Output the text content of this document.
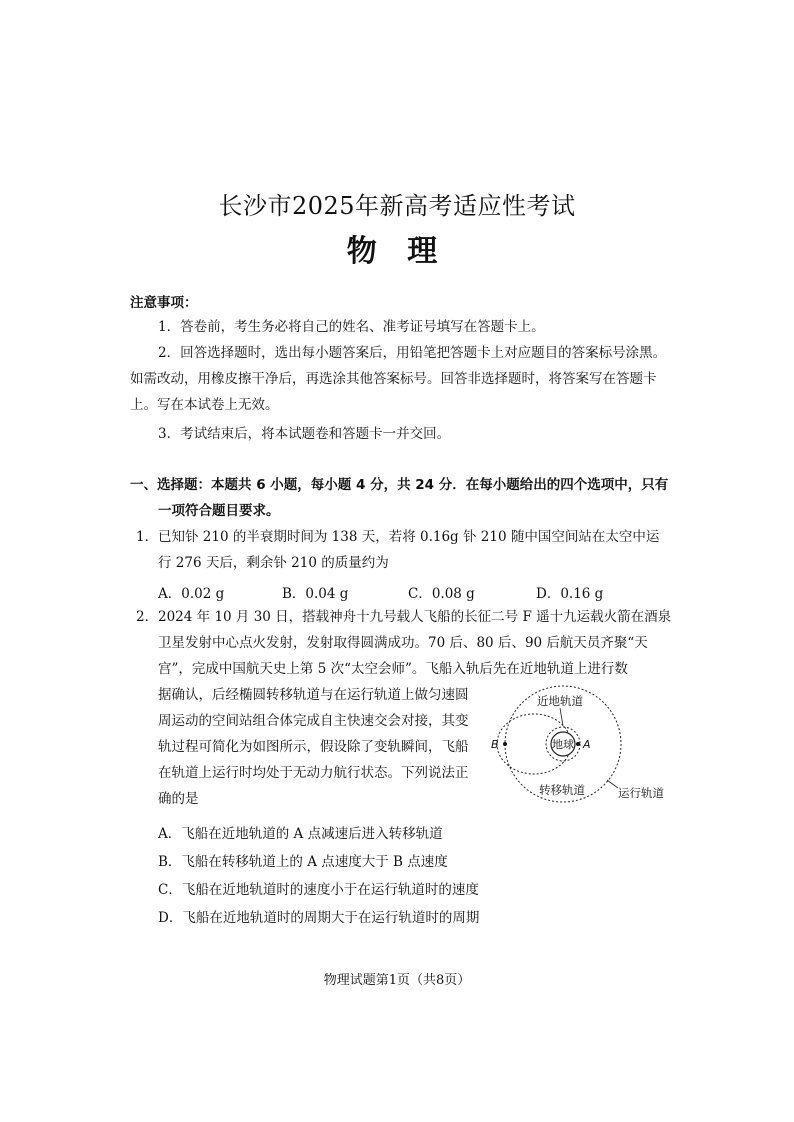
长沙市2025年新高考适应性考试
物 理
注意事项：
1．答卷前，考生务必将自己的姓名、准考证号填写在答题卡上。
2．回答选择题时，选出每小题答案后，用铅笔把答题卡上对应题目的答案标号涂黑。
如需改动，用橡皮擦干净后，再选涂其他答案标号。回答非选择题时，将答案写在答题卡
上。写在本试卷上无效。
3．考试结束后，将本试题卷和答题卡一并交回。
一、选择题：本题共 6 小题，每小题 4 分，共 24 分．在每小题给出的四个选项中，只有
一项符合题目要求。
1． 已知钋 210 的半衰期时间为 138 天，若将 0.16g 钋 210 随中国空间站在太空中运
行 276 天后，剩余钋 210 的质量约为
A．0.02 g	B．0.04 g	C．0.08 g	D．0.16 g
2． 2024 年 10 月 30 日，搭载神舟十九号载人飞船的长征二号 F 遥十九运载火箭在酒泉
卫星发射中心点火发射，发射取得圆满成功。70 后、80 后、90 后航天员齐聚“天
宫”，完成中国航天史上第 5 次“太空会师”。飞船入轨后先在近地轨道上进行数
据确认，后经椭圆转移轨道与在运行轨道上做匀速圆
周运动的空间站组合体完成自主快速交会对接，其变
轨过程可简化为如图所示，假设除了变轨瞬间，飞船
在轨道上运行时均处于无动力航行状态。下列说法正
确的是
A．飞船在近地轨道的 A 点减速后进入转移轨道
B．飞船在转移轨道上的 A 点速度大于 B 点速度
C．飞船在近地轨道时的速度小于在运行轨道时的速度
D．飞船在近地轨道时的周期大于在运行轨道时的周期
地球 A
B
近地轨道
转移轨道	运行轨道
物理试题第1页（共8页）
